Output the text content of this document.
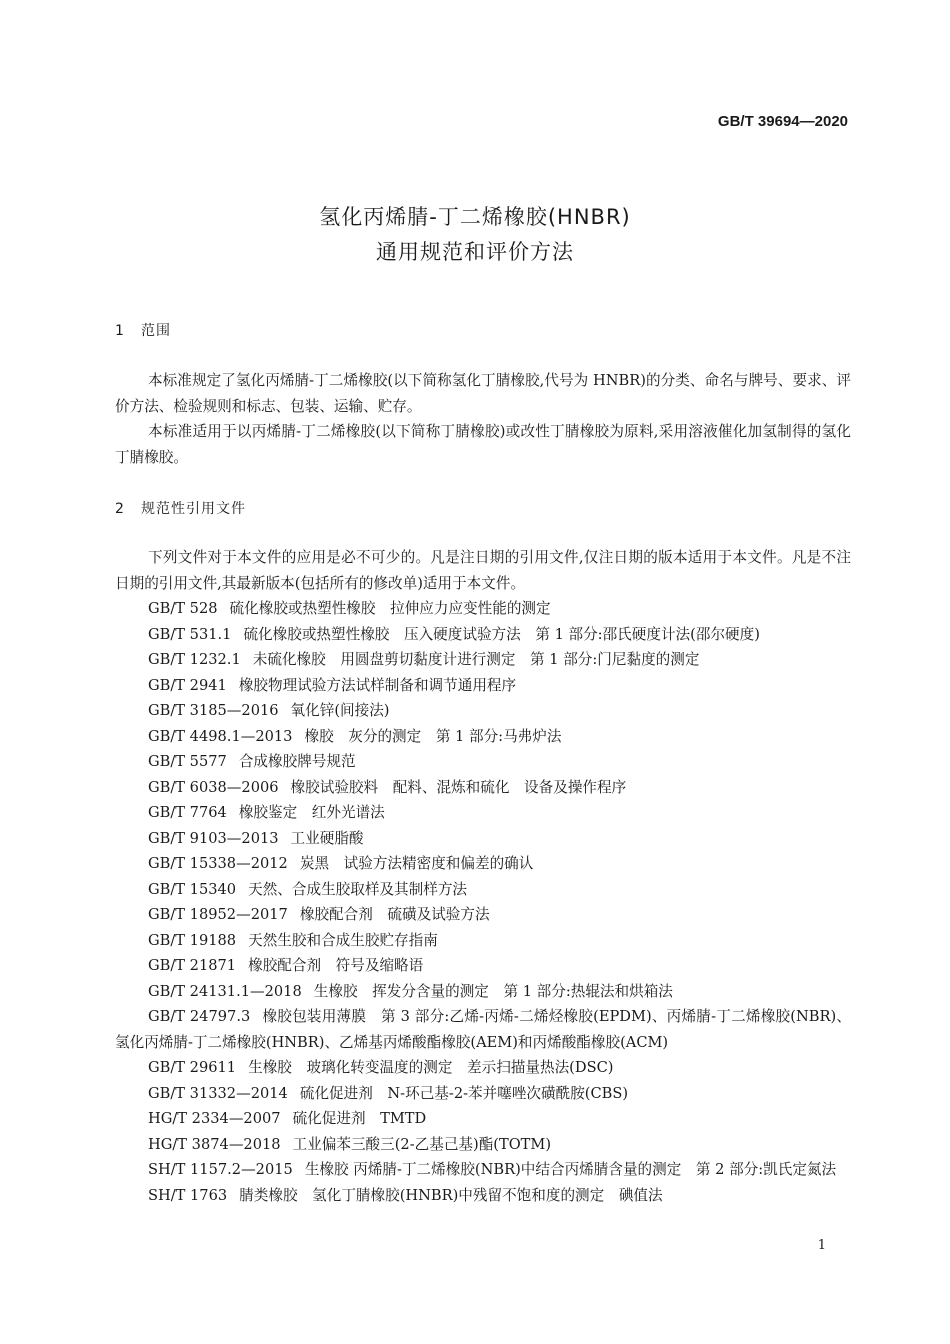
GB/T 39694—2020
氢化丙烯腈-丁二烯橡胶(HNBR)
通用规范和评价方法
1 范围
本标准规定了氢化丙烯腈-丁二烯橡胶(以下简称氢化丁腈橡胶,代号为 HNBR)的分类、命名与牌号、要求、评价方法、检验规则和标志、包装、运输、贮存。
本标准适用于以丙烯腈-丁二烯橡胶(以下简称丁腈橡胶)或改性丁腈橡胶为原料,采用溶液催化加氢制得的氢化丁腈橡胶。
2 规范性引用文件
下列文件对于本文件的应用是必不可少的。凡是注日期的引用文件,仅注日期的版本适用于本文件。凡是不注日期的引用文件,其最新版本(包括所有的修改单)适用于本文件。
GB/T 528 硫化橡胶或热塑性橡胶　拉伸应力应变性能的测定
GB/T 531.1 硫化橡胶或热塑性橡胶　压入硬度试验方法　第 1 部分:邵氏硬度计法(邵尔硬度)
GB/T 1232.1 未硫化橡胶　用圆盘剪切黏度计进行测定　第 1 部分:门尼黏度的测定
GB/T 2941 橡胶物理试验方法试样制备和调节通用程序
GB/T 3185—2016 氧化锌(间接法)
GB/T 4498.1—2013 橡胶　灰分的测定　第 1 部分:马弗炉法
GB/T 5577 合成橡胶牌号规范
GB/T 6038—2006 橡胶试验胶料　配料、混炼和硫化　设备及操作程序
GB/T 7764 橡胶鉴定　红外光谱法
GB/T 9103—2013 工业硬脂酸
GB/T 15338—2012 炭黑　试验方法精密度和偏差的确认
GB/T 15340 天然、合成生胶取样及其制样方法
GB/T 18952—2017 橡胶配合剂　硫磺及试验方法
GB/T 19188 天然生胶和合成生胶贮存指南
GB/T 21871 橡胶配合剂　符号及缩略语
GB/T 24131.1—2018 生橡胶　挥发分含量的测定　第 1 部分:热辊法和烘箱法
GB/T 24797.3 橡胶包装用薄膜　第 3 部分:乙烯-丙烯-二烯烃橡胶(EPDM)、丙烯腈-丁二烯橡胶(NBR)、氢化丙烯腈-丁二烯橡胶(HNBR)、乙烯基丙烯酸酯橡胶(AEM)和丙烯酸酯橡胶(ACM)
GB/T 29611 生橡胶　玻璃化转变温度的测定　差示扫描量热法(DSC)
GB/T 31332—2014 硫化促进剂　N-环己基-2-苯并噻唑次磺酰胺(CBS)
HG/T 2334—2007 硫化促进剂　TMTD
HG/T 3874—2018 工业偏苯三酸三(2-乙基己基)酯(TOTM)
SH/T 1157.2—2015 生橡胶 丙烯腈-丁二烯橡胶(NBR)中结合丙烯腈含量的测定　第 2 部分:凯氏定氮法
SH/T 1763 腈类橡胶　氢化丁腈橡胶(HNBR)中残留不饱和度的测定　碘值法
1
